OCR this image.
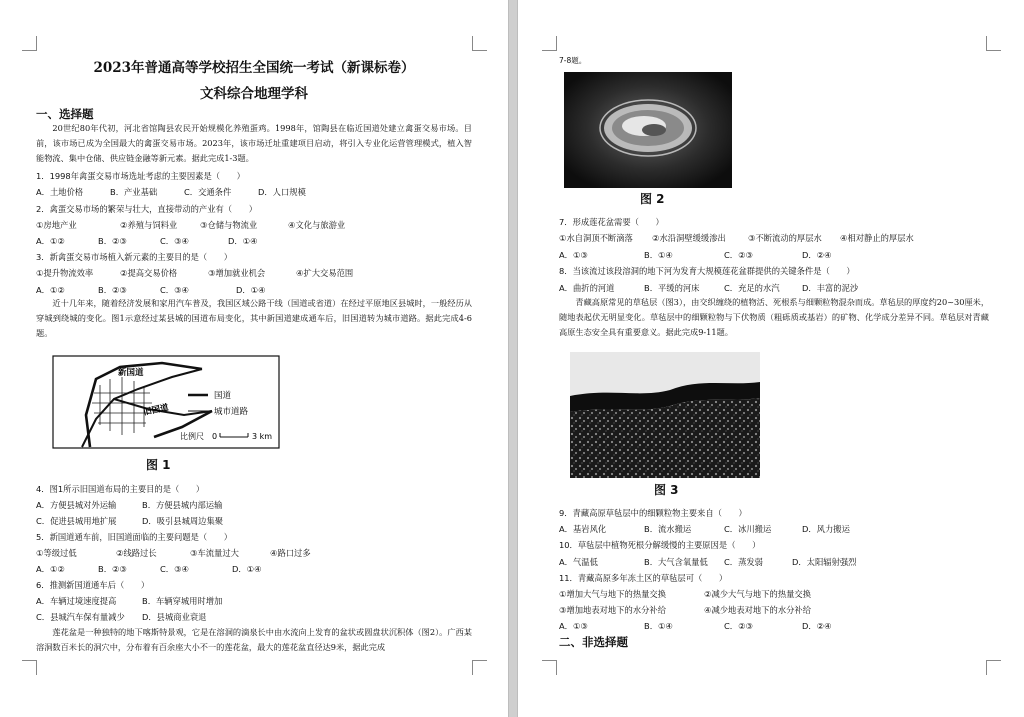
2023年普通高等学校招生全国统一考试（新课标卷）
文科综合地理学科
一、选择题
20世纪80年代初，河北省馆陶县农民开始规模化养殖蛋鸡。1998年，馆陶县在临近国道处建立禽蛋交易市场。目前，该市场已成为全国最大的禽蛋交易市场。2023年，该市场迁址重建项目启动，将引入专业化运营管理模式，植入智能物流、集中仓储、供应链金融等新元素。据此完成1-3题。
1．1998年禽蛋交易市场选址考虑的主要因素是（　　）
A．土地价格	B．产业基础	C．交通条件	D．人口规模
2．禽蛋交易市场的繁荣与壮大，直接带动的产业有（　　）
①房地产业	②养殖与饲料业	③仓储与物流业	④文化与旅游业
A．①②	B．②③	C．③④	D．①④
3．新禽蛋交易市场植入新元素的主要目的是（　　）
①提升物流效率	②提高交易价格	③增加就业机会	④扩大交易范围
A．①②	B．②③	C．③④	D．①④
近十几年来，随着经济发展和家用汽车普及，我国区域公路干线（国道或省道）在经过平原地区县城时，一般经历从穿城到绕城的变化。图1示意经过某县城的国道布局变化，其中新国道建成通车后，旧国道转为城市道路。据此完成4-6题。
新国道
旧国道
国道
城市道路
比例尺 0	3 km
图 1
4．图1所示旧国道布局的主要目的是（　　）
A．方便县城对外运输	B．方便县城内部运输
C．促进县城用地扩展	D．吸引县城周边集聚
5．新国道通车前，旧国道面临的主要问题是（　　）
①等级过低	②线路过长	③车流量过大	④路口过多
A．①②	B．②③	C．③④	D．①④
6．推测新国道通车后（　　）
A．车辆过境速度提高	B．车辆穿城用时增加
C．县城汽车保有量减少 D．县城商业衰退
莲花盆是一种独特的地下喀斯特景观，它是在溶洞的滴泉长中由水流向上发育的盆状或圆盘状沉积体（图2）。广西某溶洞数百米长的洞穴中，分布着有百余座大小不一的莲花盆，最大的莲花盆直径达9米，据此完成
7-8题。
图 2
7．形成莲花盆需要（　　）
①水自洞顶不断滴落 ②水沿洞壁缓缓渗出	③不断流动的厚层水 ④相对静止的厚层水
A．①③	B．①④	C．②③	D．②④
8．当该流过该段溶洞的地下河为发育大规模莲花盆群提供的关键条件是（　　）
A．曲折的河道	B．平缓的河床	C．充足的水汽	D．丰富的泥沙
青藏高原常见的草毡层（图3），由交织缠绕的植物活、死根系与细颗粒物混杂而成。草毡层的厚度约20~30厘米，随地表起伏无明显变化。草毡层中的细颗粒物与下伏物质（粗砾质或基岩）的矿物、化学成分差异不同。草毡层对青藏高原生态安全具有重要意义。据此完成9-11题。
图 3
9．青藏高原草毡层中的细颗粒物主要来自（　　）
A．基岩风化	B．流水搬运	C．冰川搬运	D．风力搬运
10．草毡层中植物死根分解缓慢的主要原因是（　　）
A．气温低	B．大气含氧量低 C．蒸发弱	D．太阳辐射强烈
11．青藏高原多年冻土区的草毡层可（　　）
①增加大气与地下的热量交换	②减少大气与地下的热量交换
③增加地表对地下的水分补给	④减少地表对地下的水分补给
A．①③	B．①④	C．②③	D．②④
二、非选择题
